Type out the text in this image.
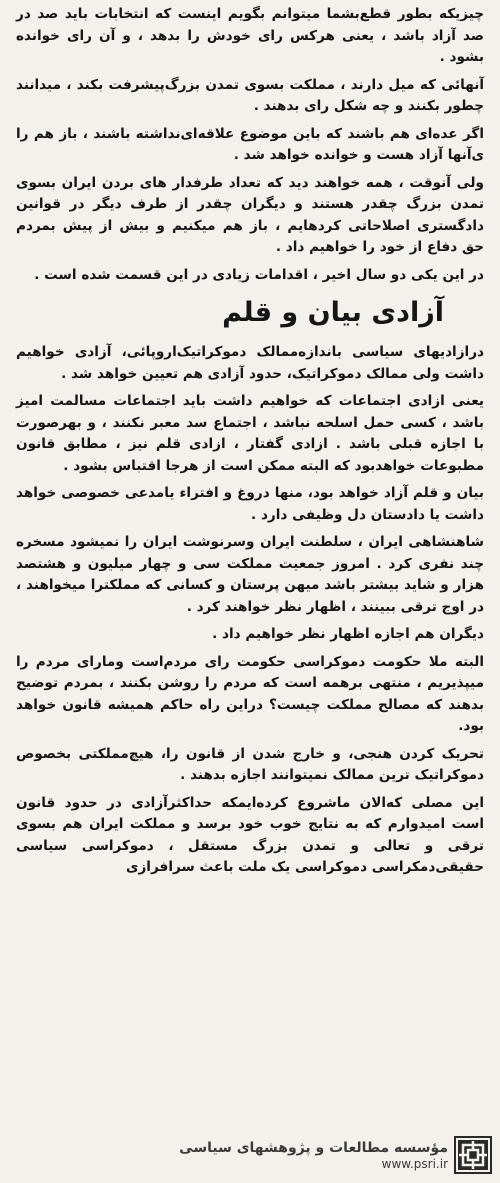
چیزیکه بطور قطع‌بشما میتوانم بگویم اینست که انتخابات باید صد در صد آزاد باشد ، یعنی هرکس رای خودش را بدهد ، و آن رای خوانده بشود .

آنهائی که میل دارند ، مملکت بسوی تمدن بزرگ‌پیشرفت بکند ، میدانند چطور بکنند و چه شکل رای بدهند .

اگر عده‌ای هم باشند که باین موضوع علاقه‌ای‌نداشته باشند ، باز هم را ی‌آنها آزاد هست و خوانده خواهد شد .

ولی آنوقت ، همه خواهند دید که تعداد طرفدار های بردن ایران بسوی تمدن بزرگ چقدر هستند و دیگران چقدر از طرف دیگر در قوانین دادگستری اصلاحاتی کردهایم ، باز هم میکنیم و بیش از پیش بمردم حق دفاع از خود را خواهیم داد .

در این یکی دو سال اخیر ، اقدامات زیادی در این قسمت شده است .

آزادی بیان و قلم

درازادیهای سیاسی باندازه‌ممالک دموکراتیک‌اروپائی، آزادی خواهیم داشت ولی ممالک دموکراتیک، حدود آزادی هم تعیین خواهد شد .

یعنی ازادی اجتماعات که خواهیم داشت باید اجتماعات مسالمت امیز باشد ، کسی حمل اسلحه نباشد ، اجتماع سد معبر نکنند ، و بهرصورت با اجازه قبلی باشد . ازادی گفتار ، ازادی قلم نیز ، مطابق قانون مطبوعات خواهدبود که البته ممکن است از هرجا اقتباس بشود .

بیان و قلم آزاد خواهد بود، منها دروغ و افتراء یامدعی خصوصی خواهد داشت یا دادستان دل وظیفی دارد .

شاهنشاهی ایران ، سلطنت ایران وسرنوشت ایران را نمیشود مسخره چند نفری کرد . امروز جمعیت مملکت سی و چهار میلیون و هشتصد هزار و شاید بیشتر باشد میهن پرستان و کسانی که مملکترا میخواهند ، در اوج ترقی ببینند ، اظهار نظر خواهند کرد .

دیگران هم اجازه اظهار نظر خواهیم داد .

البته ملا حکومت دموکراسی حکومت رای مردم‌است ومارای مردم را میپذیریم ، منتهی برهمه است که مردم را روشن بکنند ، بمردم توضیح بدهند که مصالح مملکت چیست؟ دراین راه حاکم همیشه قانون خواهد بود.

تحریک کردن هنجی، و خارج شدن از قانون را، هیچ‌مملکتی بخصوص دموکراتیک ترین ممالک نمیتوانند اجازه بدهند .

این مصلی که‌الان ماشروع کرده‌ایمکه حداکثرآزادی در حدود قانون است امیدوارم که به نتایج خوب خود برسد و مملکت ایران هم بسوی ترقی و تعالی و تمدن بزرگ مستقل ، دموکراسی سیاسی حقیقی‌دمکراسی دموکراسی یک ملت باعث سرافرازی

مؤسسه مطالعات و پژوهشهای سیاسی
www.psri.ir
